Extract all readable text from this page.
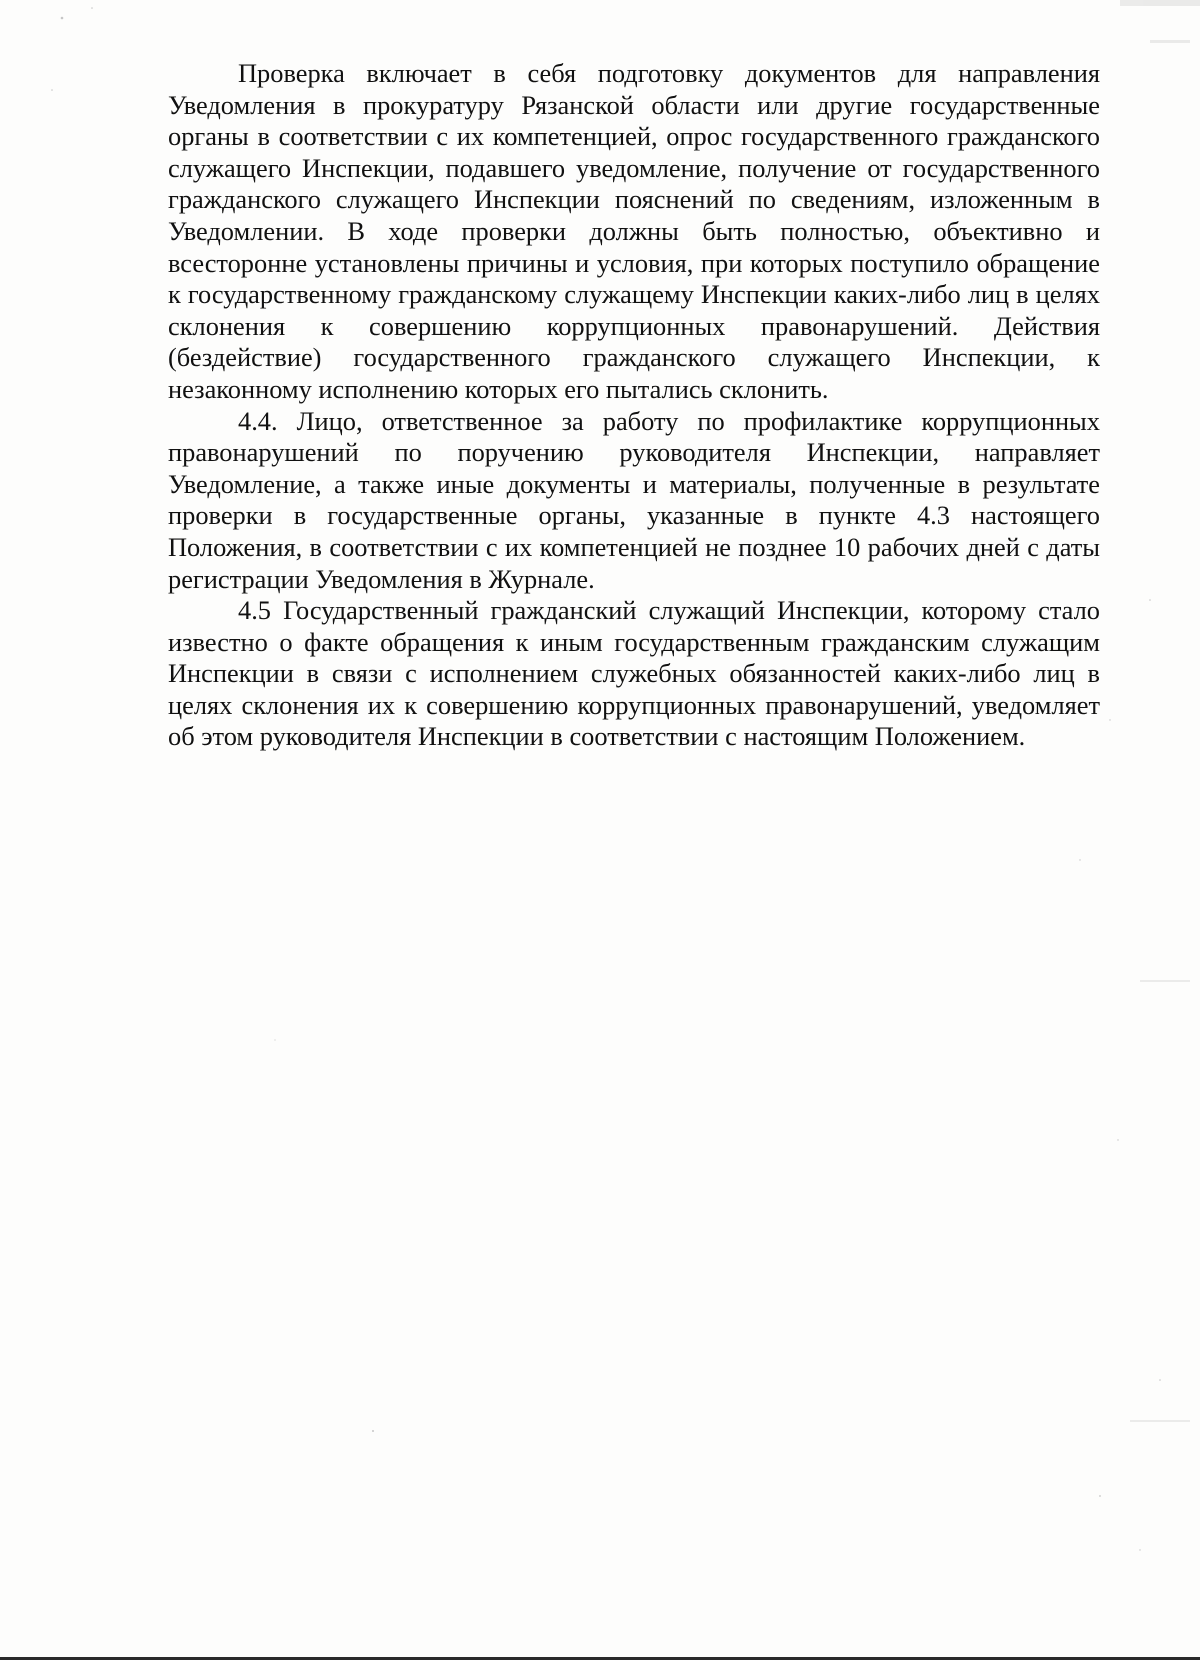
Проверка включает в себя подготовку документов для направления Уведомления в прокуратуру Рязанской области или другие государственные органы в соответствии с их компетенцией, опрос государственного гражданского служащего Инспекции, подавшего уведомление, получение от государственного гражданского служащего Инспекции пояснений по сведениям, изложенным в Уведомлении. В ходе проверки должны быть полностью, объективно и всесторонне установлены причины и условия, при которых поступило обращение к государственному гражданскому служащему Инспекции каких-либо лиц в целях склонения к совершению коррупционных правонарушений. Действия (бездействие) государственного гражданского служащего Инспекции, к незаконному исполнению которых его пытались склонить.

4.4. Лицо, ответственное за работу по профилактике коррупционных правонарушений по поручению руководителя Инспекции, направляет Уведомление, а также иные документы и материалы, полученные в результате проверки в государственные органы, указанные в пункте 4.3 настоящего Положения, в соответствии с их компетенцией не позднее 10 рабочих дней с даты регистрации Уведомления в Журнале.

4.5 Государственный гражданский служащий Инспекции, которому стало известно о факте обращения к иным государственным гражданским служащим Инспекции в связи с исполнением служебных обязанностей каких-либо лиц в целях склонения их к совершению коррупционных правонарушений, уведомляет об этом руководителя Инспекции в соответствии с настоящим Положением.
